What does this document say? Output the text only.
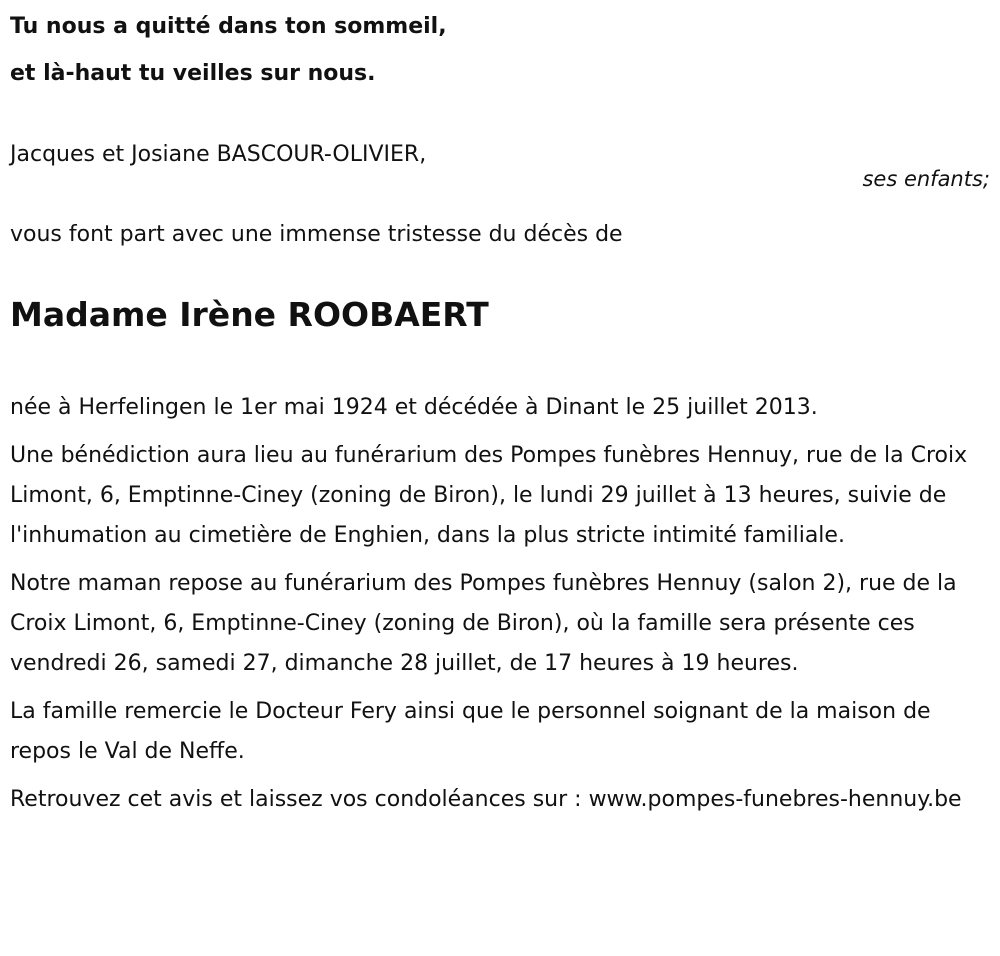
Tu nous a quitté dans ton sommeil,

et là-haut tu veilles sur nous.

Jacques et Josiane BASCOUR-OLIVIER,

ses enfants;

vous font part avec une immense tristesse du décès de

Madame Irène ROOBAERT

née à Herfelingen le 1er mai 1924 et décédée à Dinant le 25 juillet 2013.

Une bénédiction aura lieu au funérarium des Pompes funèbres Hennuy, rue de la Croix Limont, 6, Emptinne-Ciney (zoning de Biron), le lundi 29 juillet à 13 heures, suivie de l'inhumation au cimetière de Enghien, dans la plus stricte intimité familiale.

Notre maman repose au funérarium des Pompes funèbres Hennuy (salon 2), rue de la Croix Limont, 6, Emptinne-Ciney (zoning de Biron), où la famille sera présente ces vendredi 26, samedi 27, dimanche 28 juillet, de 17 heures à 19 heures.

La famille remercie le Docteur Fery ainsi que le personnel soignant de la maison de repos le Val de Neffe.

Retrouvez cet avis et laissez vos condoléances sur : www.pompes-funebres-hennuy.be
